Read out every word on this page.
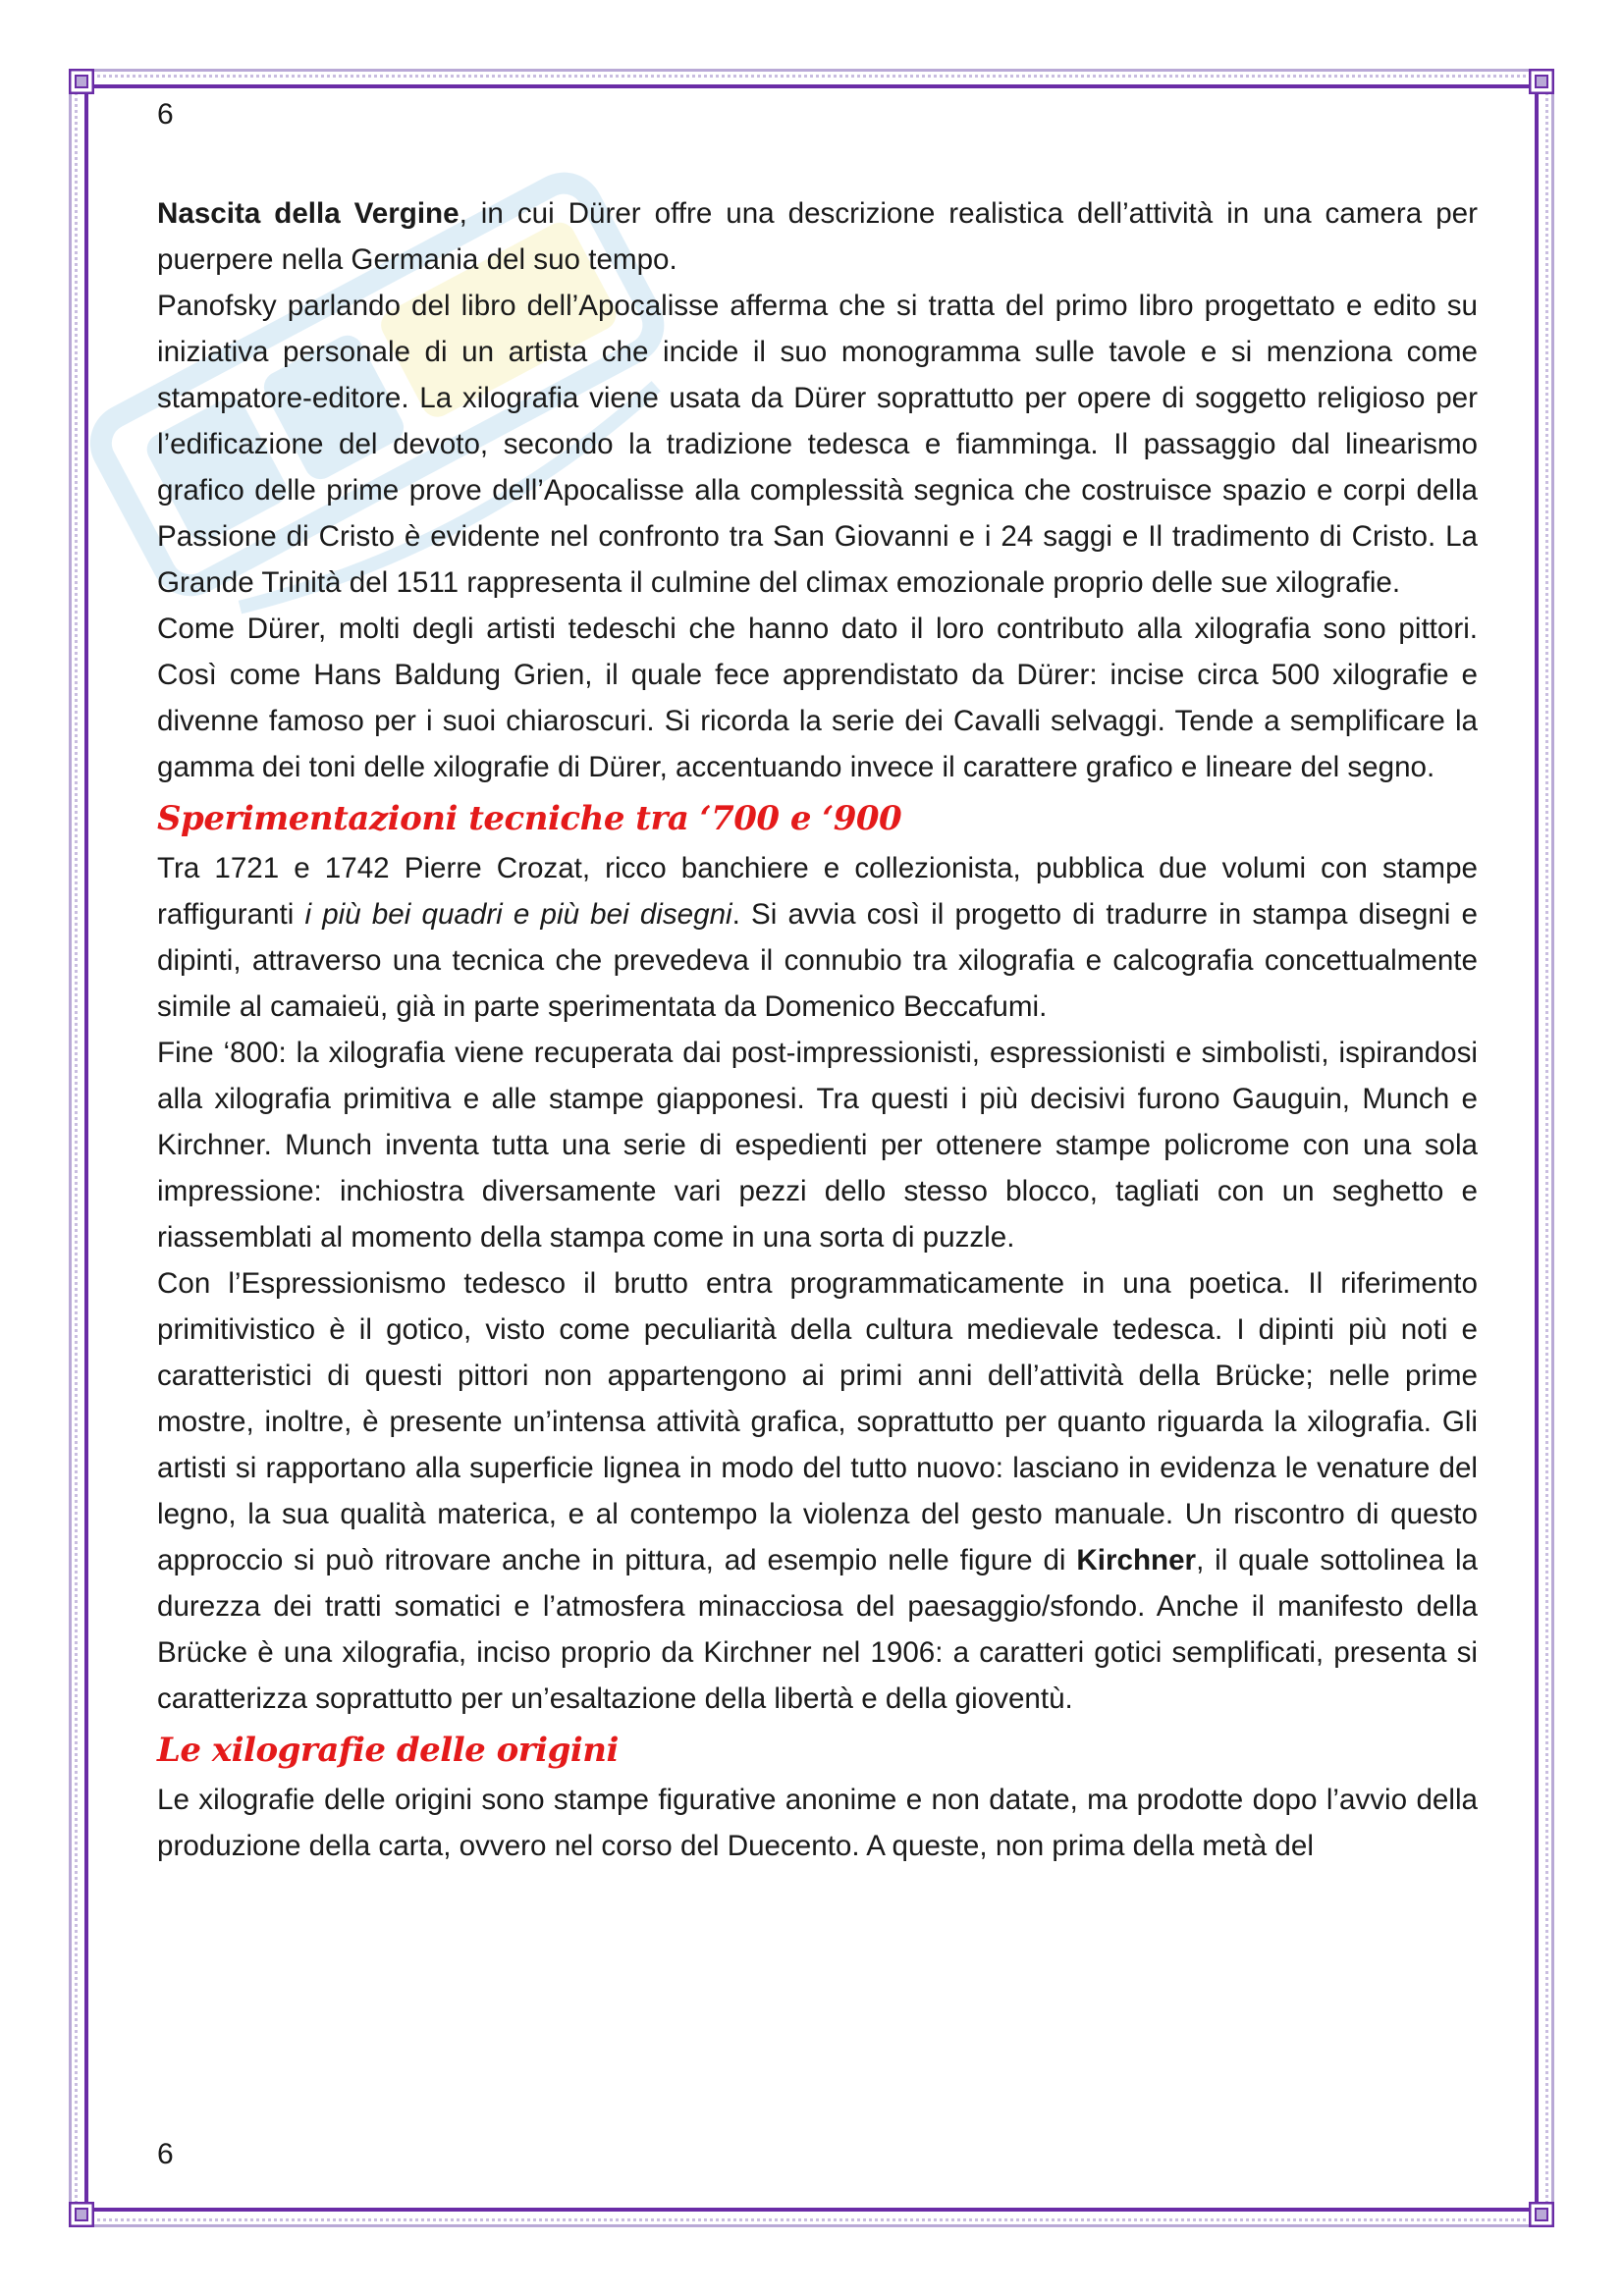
6

Nascita della Vergine, in cui Dürer offre una descrizione realistica dell’attività in una camera per puerpere nella Germania del suo tempo.

Panofsky parlando del libro dell’Apocalisse afferma che si tratta del primo libro progettato e edito su iniziativa personale di un artista che incide il suo monogramma sulle tavole e si menziona come stampatore-editore. La xilografia viene usata da Dürer soprattutto per opere di soggetto religioso per l’edificazione del devoto, secondo la tradizione tedesca e fiamminga. Il passaggio dal linearismo grafico delle prime prove dell’Apocalisse alla complessità segnica che costruisce spazio e corpi della Passione di Cristo è evidente nel confronto tra San Giovanni e i 24 saggi e Il tradimento di Cristo. La Grande Trinità del 1511 rappresenta il culmine del climax emozionale proprio delle sue xilografie.

Come Dürer, molti degli artisti tedeschi che hanno dato il loro contributo alla xilografia sono pittori. Così come Hans Baldung Grien, il quale fece apprendistato da Dürer: incise circa 500 xilografie e divenne famoso per i suoi chiaroscuri. Si ricorda la serie dei Cavalli selvaggi. Tende a semplificare la gamma dei toni delle xilografie di Dürer, accentuando invece il carattere grafico e lineare del segno.

Sperimentazioni tecniche tra ‘700 e ‘900

Tra 1721 e 1742 Pierre Crozat, ricco banchiere e collezionista, pubblica due volumi con stampe raffiguranti i più bei quadri e più bei disegni. Si avvia così il progetto di tradurre in stampa disegni e dipinti, attraverso una tecnica che prevedeva il connubio tra xilografia e calcografia concettualmente simile al camaieü, già in parte sperimentata da Domenico Beccafumi.

Fine ‘800: la xilografia viene recuperata dai post-impressionisti, espressionisti e simbolisti, ispirandosi alla xilografia primitiva e alle stampe giapponesi. Tra questi i più decisivi furono Gauguin, Munch e Kirchner. Munch inventa tutta una serie di espedienti per ottenere stampe policrome con una sola impressione: inchiostra diversamente vari pezzi dello stesso blocco, tagliati con un seghetto e riassemblati al momento della stampa come in una sorta di puzzle.

Con l’Espressionismo tedesco il brutto entra programmaticamente in una poetica. Il riferimento primitivistico è il gotico, visto come peculiarità della cultura medievale tedesca. I dipinti più noti e caratteristici di questi pittori non appartengono ai primi anni dell’attività della Brücke; nelle prime mostre, inoltre, è presente un’intensa attività grafica, soprattutto per quanto riguarda la xilografia. Gli artisti si rapportano alla superficie lignea in modo del tutto nuovo: lasciano in evidenza le venature del legno, la sua qualità materica, e al contempo la violenza del gesto manuale. Un riscontro di questo approccio si può ritrovare anche in pittura, ad esempio nelle figure di Kirchner, il quale sottolinea la durezza dei tratti somatici e l’atmosfera minacciosa del paesaggio/sfondo. Anche il manifesto della Brücke è una xilografia, inciso proprio da Kirchner nel 1906: a caratteri gotici semplificati, presenta si caratterizza soprattutto per un’esaltazione della libertà e della gioventù.

Le xilografie delle origini

Le xilografie delle origini sono stampe figurative anonime e non datate, ma prodotte dopo l’avvio della produzione della carta, ovvero nel corso del Duecento. A queste, non prima della metà del

6
